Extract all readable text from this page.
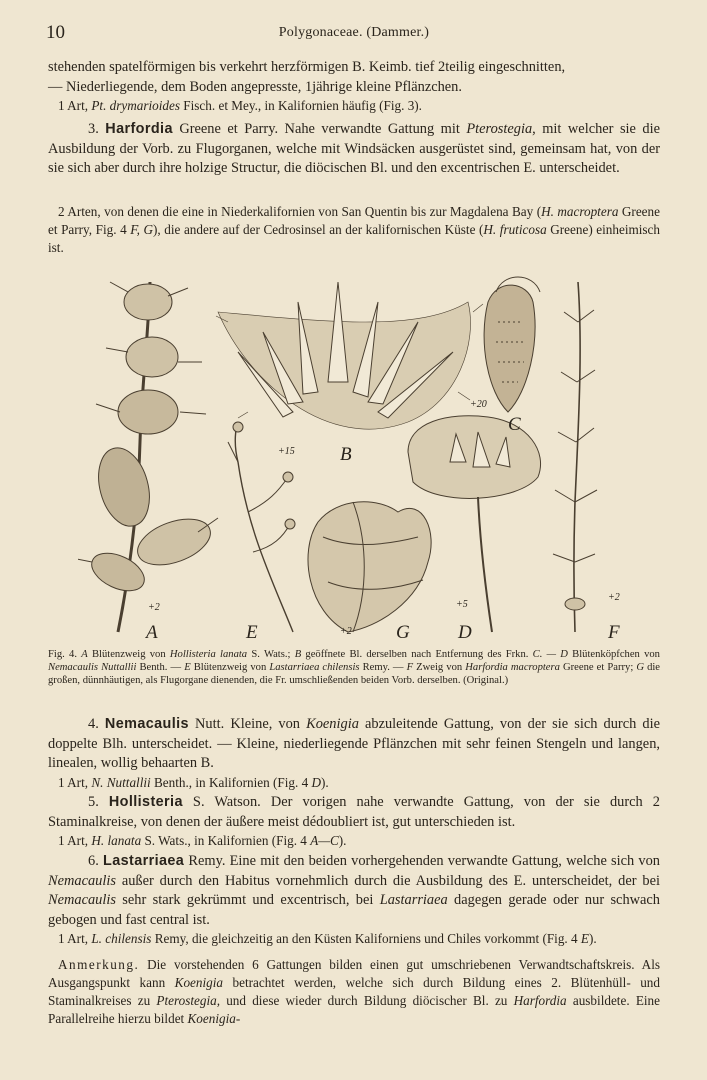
10	Polygonaceae. (Dammer.)
stehenden spatelförmigen bis verkehrt herzförmigen B. Keimb. tief 2teilig eingeschnitten,
— Niederliegende, dem Boden angepresste, 1jährige kleine Pflänzchen.
1 Art, Pt. drymarioides Fisch. et Mey., in Kalifornien häufig (Fig. 3).
3. Harfordia Greene et Parry. Nahe verwandte Gattung mit Pterostegia, mit welcher sie die Ausbildung der Vorb. zu Flugorganen, welche mit Windsäcken ausgerüstet sind, gemeinsam hat, von der sie sich aber durch ihre holzige Structur, die diöcischen Bl. und den excentrischen E. unterscheidet.
2 Arten, von denen die eine in Niederkalifornien von San Quentin bis zur Magdalena Bay (H. macroptera Greene et Parry, Fig. 4 F, G), die andere auf der Cedrosinsel an der kalifornischen Küste (H. fruticosa Greene) einheimisch ist.
A
+2
B
+15
C
+20
D
+5
E	F
+2
G
+2
Fig. 4. A Blütenzweig von Hollisteria lanata S. Wats.; B geöffnete Bl. derselben nach Entfernung des Frkn. C. — D Blütenköpfchen von Nemacaulis Nuttallii Benth. — E Blütenzweig von Lastarriaea chilensis Remy. — F Zweig von Harfordia macroptera Greene et Parry; G die großen, dünnhäutigen, als Flugorgane dienenden, die Fr. umschließenden beiden Vorb. derselben. (Original.)
4. Nemacaulis Nutt. Kleine, von Koenigia abzuleitende Gattung, von der sie sich durch die doppelte Blh. unterscheidet. — Kleine, niederliegende Pflänzchen mit sehr feinen Stengeln und langen, linealen, wollig behaarten B.
1 Art, N. Nuttallii Benth., in Kalifornien (Fig. 4 D).
5. Hollisteria S. Watson. Der vorigen nahe verwandte Gattung, von der sie durch 2 Staminalkreise, von denen der äußere meist dédoubliert ist, gut unterschieden ist.
1 Art, H. lanata S. Wats., in Kalifornien (Fig. 4 A—C).
6. Lastarriaea Remy. Eine mit den beiden vorhergehenden verwandte Gattung, welche sich von Nemacaulis außer durch den Habitus vornehmlich durch die Ausbildung des E. unterscheidet, der bei Nemacaulis sehr stark gekrümmt und excentrisch, bei Lastarriaea dagegen gerade oder nur schwach gebogen und fast central ist.
1 Art, L. chilensis Remy, die gleichzeitig an den Küsten Kaliforniens und Chiles vorkommt (Fig. 4 E).
Anmerkung. Die vorstehenden 6 Gattungen bilden einen gut umschriebenen Verwandtschaftskreis. Als Ausgangspunkt kann Koenigia betrachtet werden, welche sich durch Bildung eines 2. Blütenhüll- und Staminalkreises zu Pterostegia, und diese wieder durch Bildung diöcischer Bl. zu Harfordia ausbildete. Eine Parallelreihe hierzu bildet Koenigia-
